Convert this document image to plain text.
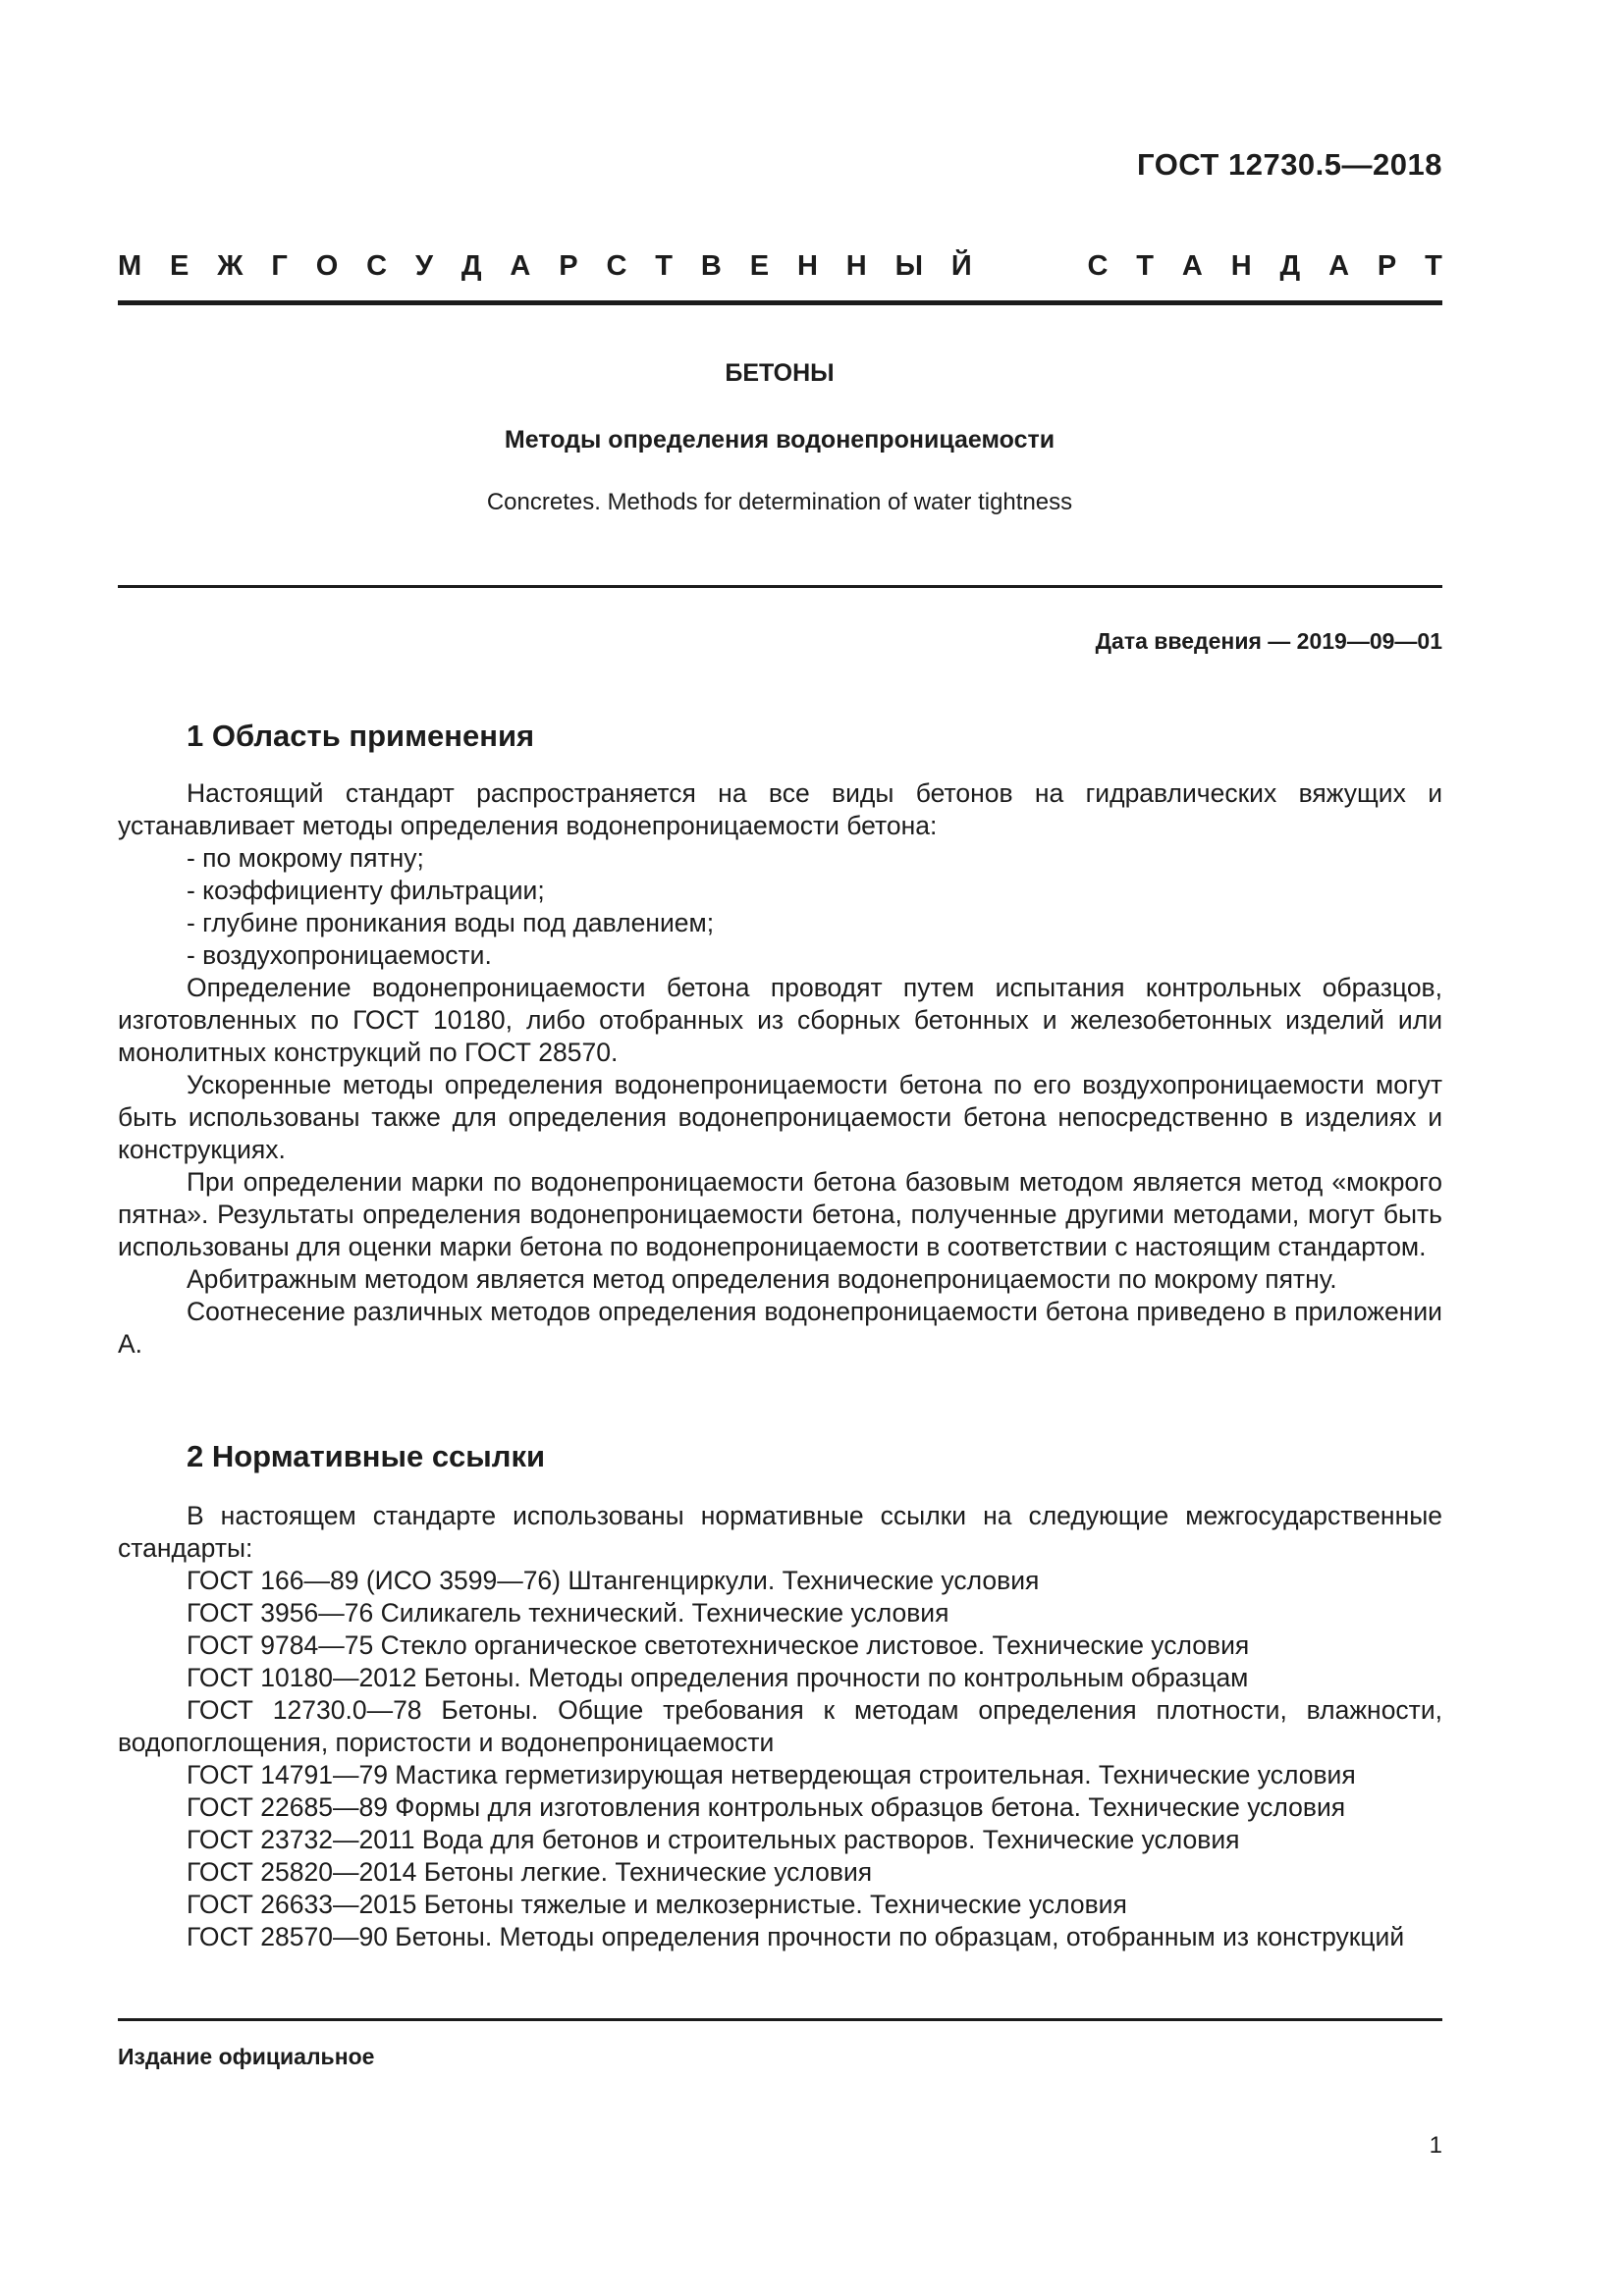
ГОСТ 12730.5—2018
М Е Ж Г О С У Д А Р С Т В Е Н Н Ы Й	С Т А Н Д А Р Т
БЕТОНЫ
Методы определения водонепроницаемости
Concretes. Methods for determination of water tightness
Дата введения — 2019—09—01
1 Область применения

Настоящий стандарт распространяется на все виды бетонов на гидравлических вяжущих и устанавливает методы определения водонепроницаемости бетона:

- по мокрому пятну;

- коэффициенту фильтрации;

- глубине проникания воды под давлением;

- воздухопроницаемости.

Определение водонепроницаемости бетона проводят путем испытания контрольных образцов, изготовленных по ГОСТ 10180, либо отобранных из сборных бетонных и железобетонных изделий или монолитных конструкций по ГОСТ 28570.

Ускоренные методы определения водонепроницаемости бетона по его воздухопроницаемости могут быть использованы также для определения водонепроницаемости бетона непосредственно в изделиях и конструкциях.

При определении марки по водонепроницаемости бетона базовым методом является метод «мокрого пятна». Результаты определения водонепроницаемости бетона, полученные другими методами, могут быть использованы для оценки марки бетона по водонепроницаемости в соответствии с настоящим стандартом.

Арбитражным методом является метод определения водонепроницаемости по мокрому пятну.

Соотнесение различных методов определения водонепроницаемости бетона приведено в приложении А.

2 Нормативные ссылки

В настоящем стандарте использованы нормативные ссылки на следующие межгосударственные стандарты:

ГОСТ 166—89 (ИСО 3599—76) Штангенциркули. Технические условия

ГОСТ 3956—76 Силикагель технический. Технические условия

ГОСТ 9784—75 Стекло органическое светотехническое листовое. Технические условия

ГОСТ 10180—2012 Бетоны. Методы определения прочности по контрольным образцам

ГОСТ 12730.0—78 Бетоны. Общие требования к методам определения плотности, влажности, водопоглощения, пористости и водонепроницаемости

ГОСТ 14791—79 Мастика герметизирующая нетвердеющая строительная. Технические условия

ГОСТ 22685—89 Формы для изготовления контрольных образцов бетона. Технические условия

ГОСТ 23732—2011 Вода для бетонов и строительных растворов. Технические условия

ГОСТ 25820—2014 Бетоны легкие. Технические условия

ГОСТ 26633—2015 Бетоны тяжелые и мелкозернистые. Технические условия

ГОСТ 28570—90 Бетоны. Методы определения прочности по образцам, отобранным из конструкций

Издание официальное
1
